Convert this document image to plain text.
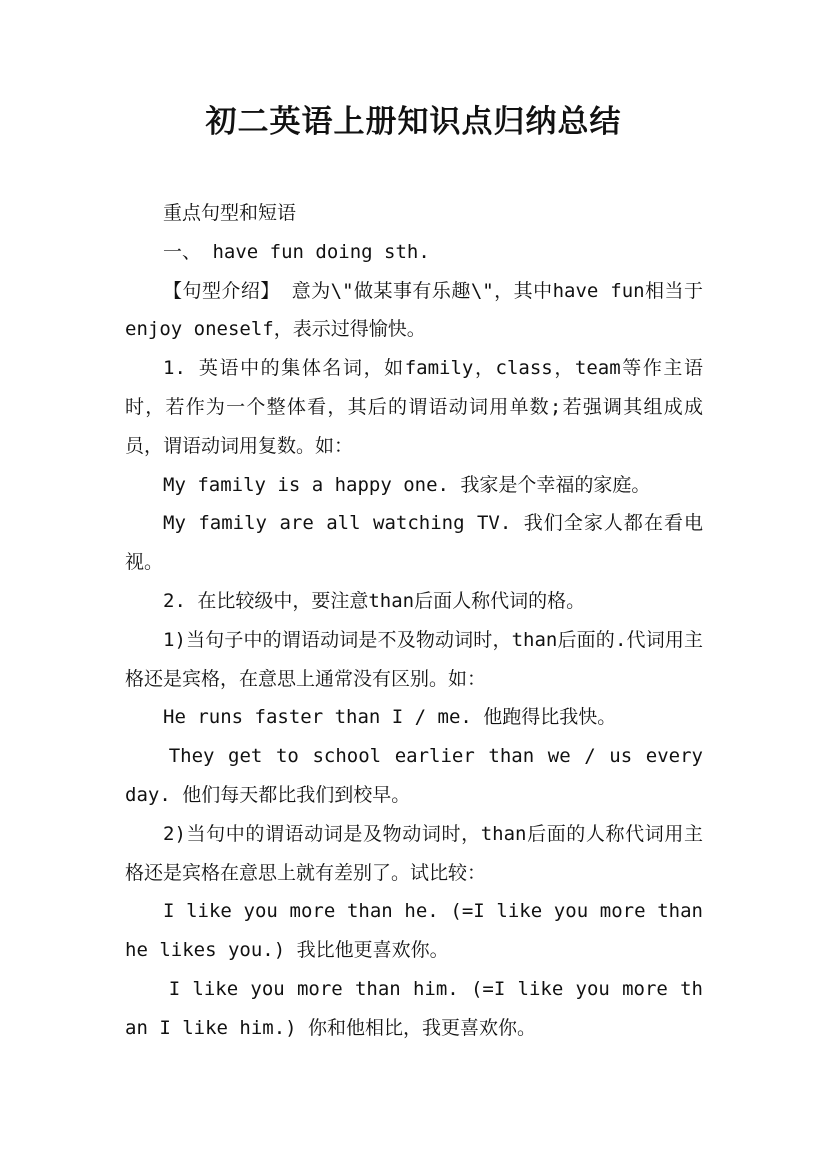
初二英语上册知识点归纳总结

重点句型和短语

一、 have fun doing sth.

【句型介绍】 意为\"做某事有乐趣\"，其中have fun相当于enjoy oneself，表示过得愉快。

1. 英语中的集体名词，如family，class，team等作主语时，若作为一个整体看，其后的谓语动词用单数;若强调其组成成员，谓语动词用复数。如：

My family is a happy one. 我家是个幸福的家庭。

My family are all watching TV. 我们全家人都在看电视。

2. 在比较级中，要注意than后面人称代词的格。

1)当句子中的谓语动词是不及物动词时，than后面的.代词用主格还是宾格，在意思上通常没有区别。如：

He runs faster than I / me. 他跑得比我快。

They get to school earlier than we / us every day. 他们每天都比我们到校早。

2)当句中的谓语动词是及物动词时，than后面的人称代词用主格还是宾格在意思上就有差别了。试比较：

I like you more than he. (=I like you more than he likes you.) 我比他更喜欢你。

I like you more than him. (=I like you more than I like him.) 你和他相比，我更喜欢你。
